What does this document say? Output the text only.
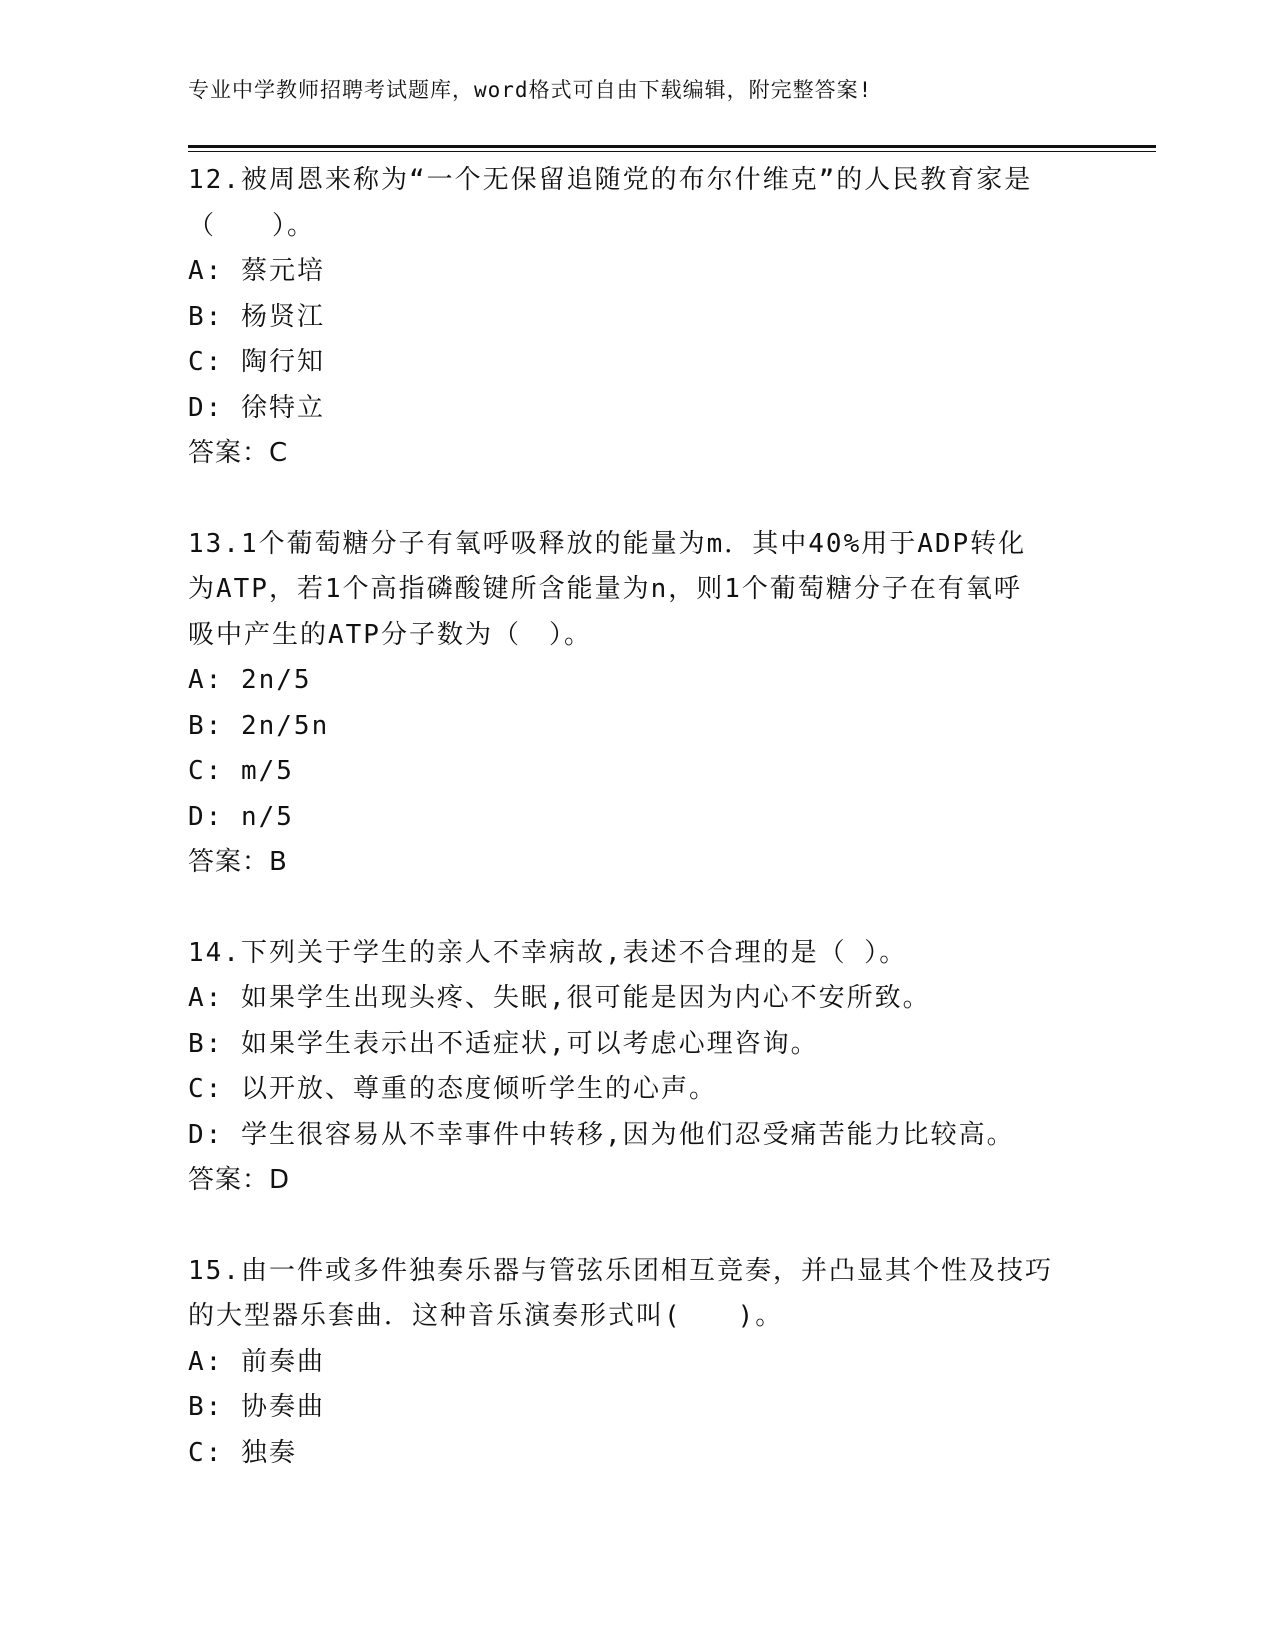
专业中学教师招聘考试题库，word格式可自由下载编辑，附完整答案!
12.被周恩来称为“一个无保留追随党的布尔什维克”的人民教育家是
（　　）。
A: 蔡元培
B: 杨贤江
C: 陶行知
D: 徐特立
答案：C
13.1个葡萄糖分子有氧呼吸释放的能量为m．其中40%用于ADP转化
为ATP，若1个高指磷酸键所含能量为n，则1个葡萄糖分子在有氧呼
吸中产生的ATP分子数为（　）。
A: 2n/5
B: 2n/5n
C: m/5
D: n/5
答案：B
14.下列关于学生的亲人不幸病故,表述不合理的是（ ）。
A: 如果学生出现头疼、失眠,很可能是因为内心不安所致。
B: 如果学生表示出不适症状,可以考虑心理咨询。
C: 以开放、尊重的态度倾听学生的心声。
D: 学生很容易从不幸事件中转移,因为他们忍受痛苦能力比较高。
答案：D
15.由一件或多件独奏乐器与管弦乐团相互竞奏，并凸显其个性及技巧
的大型器乐套曲．这种音乐演奏形式叫(　　)。
A: 前奏曲
B: 协奏曲
C: 独奏
